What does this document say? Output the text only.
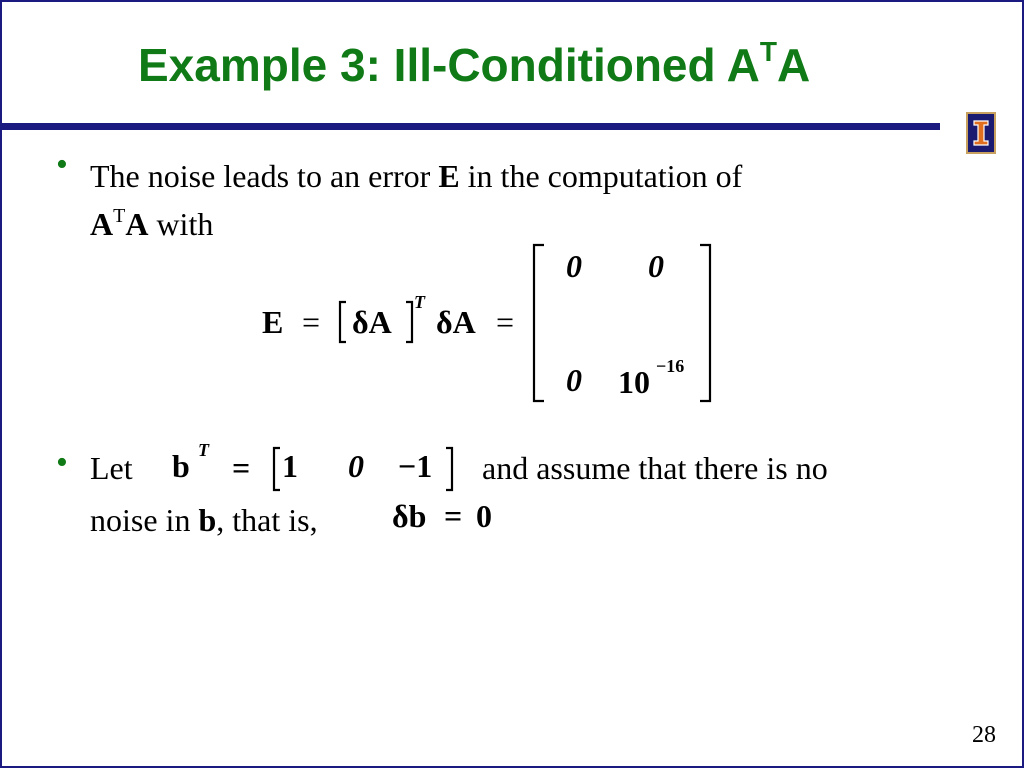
Example 3: Ill-Conditioned $A^TA$
• The noise leads to an error E in the computation of
$A^TA$ with
E = δA
T
δA =
0 0
0 10 −16
• Let b T = 1 0 −1 and assume that there is no
noise in b, that is, δb = 0
28
